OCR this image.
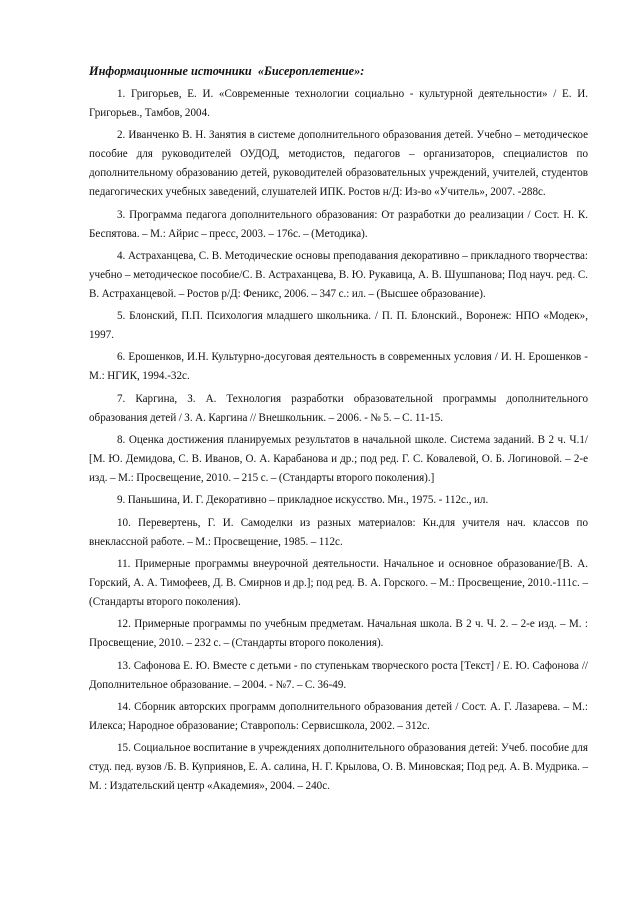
Информационные источники  «Бисероплетение»:

1. Григорьев, Е. И. «Современные технологии социально - культурной деятельности» / Е. И. Григорьев., Тамбов, 2004.

2. Иванченко В. Н. Занятия в системе дополнительного образования детей. Учебно – методическое пособие для руководителей ОУДОД, методистов, педагогов – организаторов, специалистов по дополнительному образованию детей, руководителей образовательных учреждений, учителей, студентов педагогических учебных заведений, слушателей ИПК. Ростов н/Д: Из-во «Учитель», 2007. -288с.

3. Программа педагога дополнительного образования: От разработки до реализации / Сост. Н. К. Беспятова. – М.: Айрис – пресс, 2003. – 176с. – (Методика).

4. Астраханцева, С. В. Методические основы преподавания декоративно – прикладного творчества: учебно – методическое пособие/С. В. Астраханцева, В. Ю. Рукавица, А. В. Шушпанова; Под науч. ред. С. В. Астраханцевой. – Ростов р/Д: Феникс, 2006. – 347 с.: ил. – (Высшее образование).

5. Блонский, П.П. Психология младшего школьника. / П. П. Блонский., Воронеж: НПО «Модек», 1997.

6. Ерошенков, И.Н. Культурно-досуговая деятельность в современных условия / И. Н. Ерошенков - М.: НГИК, 1994.-32с.

7. Каргина, З. А. Технология разработки образовательной программы дополнительного образования детей / З. А. Каргина // Внешкольник. – 2006. - № 5. – С. 11-15.

8. Оценка достижения планируемых результатов в начальной школе. Система заданий. В 2 ч. Ч.1/ [М. Ю. Демидова, С. В. Иванов, О. А. Карабанова и др.; под ред. Г. С. Ковалевой, О. Б. Логиновой. – 2-е изд. – М.: Просвещение, 2010. – 215 с. – (Стандарты второго поколения).]

9. Паньшина, И. Г. Декоративно – прикладное искусство. Мн., 1975. - 112с., ил.

10. Перевертень, Г. И. Самоделки из разных материалов: Кн.для учителя нач. классов по внеклассной работе. – М.: Просвещение, 1985. – 112с.

11. Примерные программы внеурочной деятельности. Начальное и основное образование/[В. А. Горский, А. А. Тимофеев, Д. В. Смирнов и др.]; под ред. В. А. Горского. – М.: Просвещение, 2010.-111с. – (Стандарты второго поколения).

12. Примерные программы по учебным предметам. Начальная школа. В 2 ч. Ч. 2. – 2-е изд. – М. : Просвещение, 2010. – 232 с. – (Стандарты второго поколения).

13. Сафонова Е. Ю. Вместе с детьми - по ступенькам творческого роста [Текст] / Е. Ю. Сафонова // Дополнительное образование. – 2004. - №7. – С. 36-49.

14. Сборник авторских программ дополнительного образования детей / Сост. А. Г. Лазарева. – М.: Илекса; Народное образование; Ставрополь: Сервисшкола, 2002. – 312с.

15. Социальное воспитание в учреждениях дополнительного образования детей: Учеб. пособие для студ. пед. вузов /Б. В. Куприянов, Е. А. салина, Н. Г. Крылова, О. В. Миновская; Под ред. А. В. Мудрика. – М. : Издательский центр «Академия», 2004. – 240с.
